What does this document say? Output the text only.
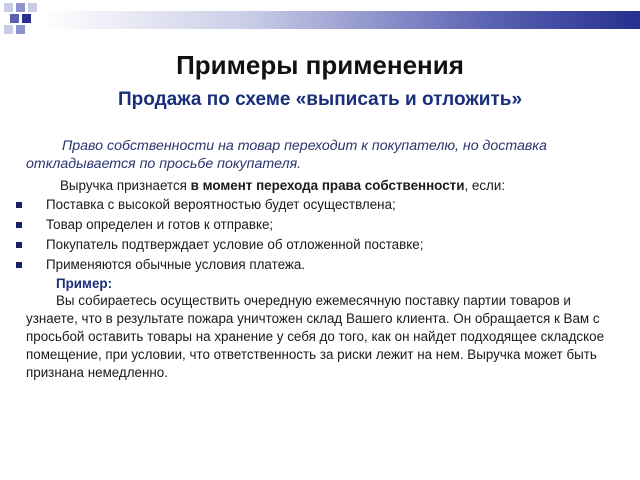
Примеры применения
Продажа по схеме «выписать и отложить»

Право собственности на товар переходит к покупателю, но доставка откладывается по просьбе покупателя.

Выручка признается в момент перехода права собственности, если:

Поставка с высокой вероятностью будет осуществлена;
Товар определен и готов к отправке;
Покупатель подтверждает условие об отложенной поставке;
Применяются обычные условия платежа.

Пример:

Вы собираетесь осуществить очередную ежемесячную поставку партии товаров и узнаете, что в результате пожара уничтожен склад Вашего клиента. Он обращается к Вам с просьбой оставить товары на хранение у себя до того, как он найдет подходящее складское помещение, при условии, что ответственность за риски лежит на нем. Выручка может быть признана немедленно.
